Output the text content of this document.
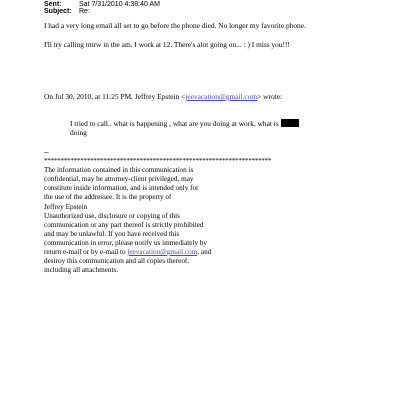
Sent:	Sat 7/31/2010 4:38:40 AM
Subject: Re:

I had a very long email all set to go before the phone died. No longer my favorite phone.

I'll try calling tmrw in the am. I work at 12. There's alot going on... : ) I miss you!!!

On Jul 30, 2010, at 11:25 PM, Jeffrey Epstein <jeevacation@gmail.com> wrote:

I tried to call.. what is happening , what are you doing at work, what is
doing
--
*********************************************************************
The information contained in this communication is
confidential, may be attorney-client privileged, may
constitute inside information, and is intended only for
the use of the addressee. It is the property of
Jeffrey Epstein
Unauthorized use, disclosure or copying of this
communication or any part thereof is strictly prohibited
and may be unlawful. If you have received this
communication in error, please notify us immediately by
return e-mail or by e-mail to jeevacation@gmail.com, and
destroy this communication and all copies thereof,
including all attachments.
